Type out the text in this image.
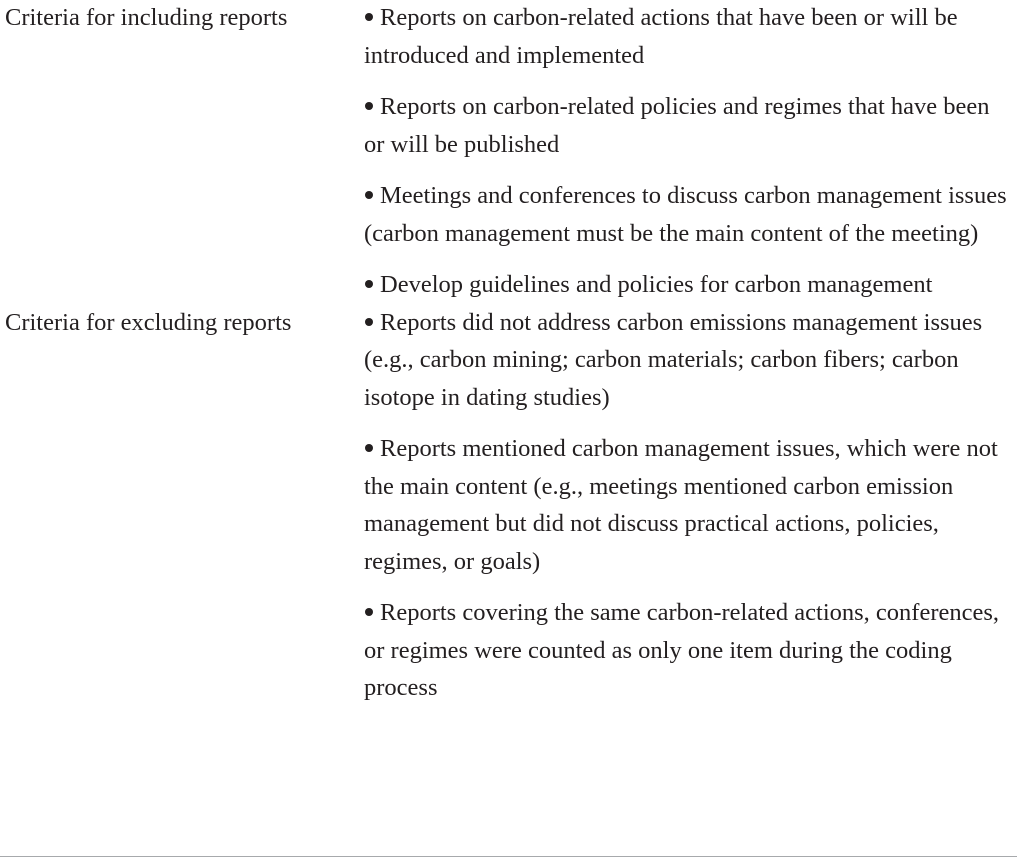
Criteria for including reports	Reports on carbon-related actions that have been or will be introduced and implemented
Reports on carbon-related policies and regimes that have been or will be published
Meetings and conferences to discuss carbon management issues (carbon management must be the main content of the meeting)
Develop guidelines and policies for carbon management
Criteria for excluding reports	Reports did not address carbon emissions management issues (e.g., carbon mining; carbon materials; carbon fibers; carbon isotope in dating studies)
Reports mentioned carbon management issues, which were not the main content (e.g., meetings mentioned carbon emission management but did not discuss practical actions, policies, regimes, or goals)
Reports covering the same carbon-related actions, conferences, or regimes were counted as only one item during the coding process
